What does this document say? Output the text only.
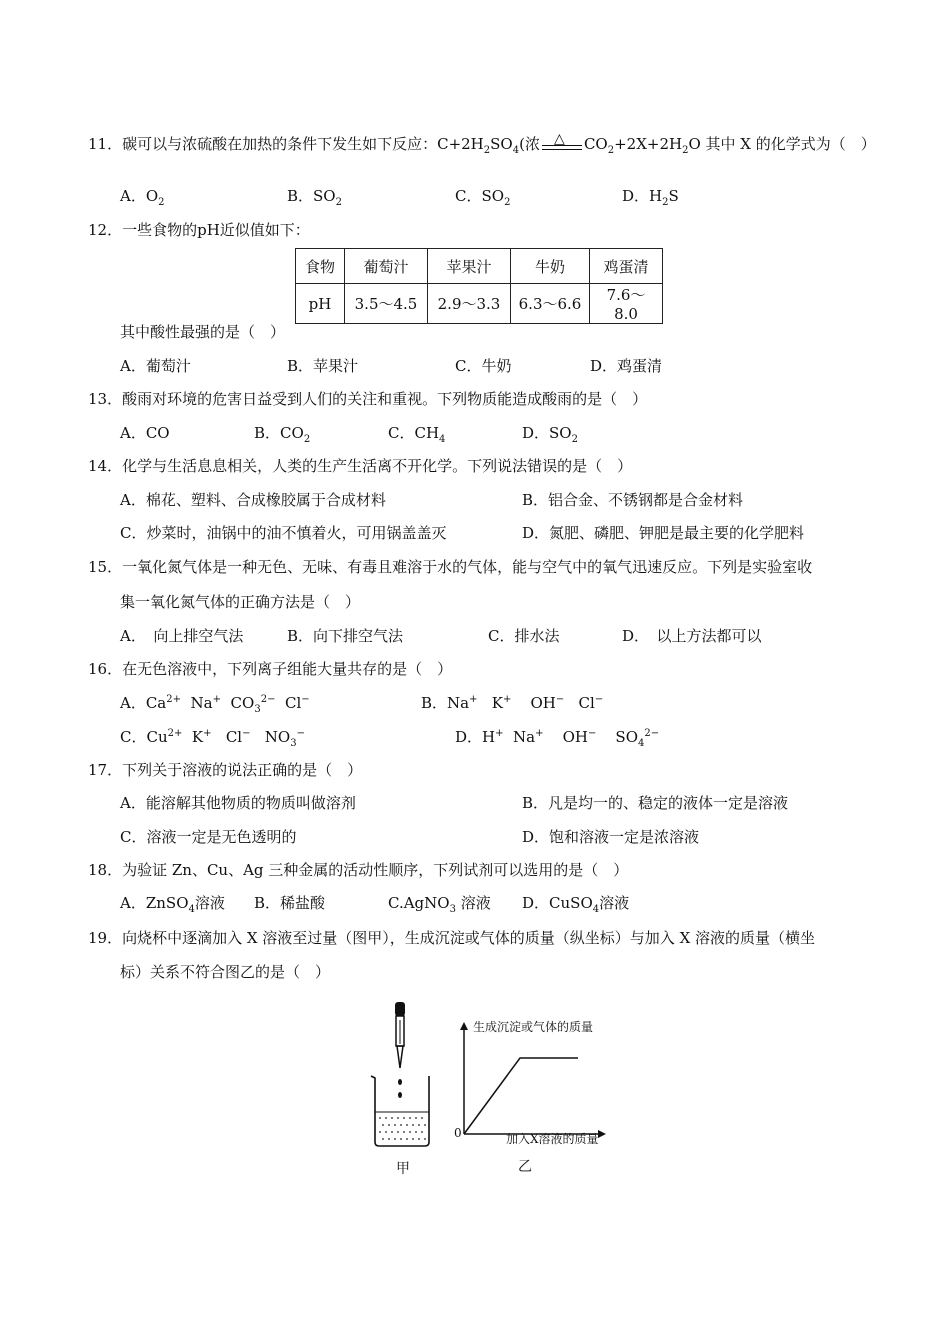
11．碳可以与浓硫酸在加热的条件下发生如下反应：$C+2H_2SO_4$(浓 △ $CO_2+2X+2H_2O$ 其中 X 的化学式为（　）
A．$O_2$	B．$SO_2$	C．$SO_2$	D．$H_2S$
12．一些食物的pH近似值如下：
食物	葡萄汁	苹果汁	牛奶	鸡蛋清
pH	3.5～4.5	2.9～3.3	6.3～6.6	7.6～8.0
其中酸性最强的是（　）
A．葡萄汁	B．苹果汁	C．牛奶	D．鸡蛋清
13．酸雨对环境的危害日益受到人们的关注和重视。下列物质能造成酸雨的是（　）
A．CO	B．$CO_2$	C．$CH_4$	D．$SO_2$
14．化学与生活息息相关，人类的生产生活离不开化学。下列说法错误的是（　）
A．棉花、塑料、合成橡胶属于合成材料	B．铝合金、不锈钢都是合金材料
C．炒菜时，油锅中的油不慎着火，可用锅盖盖灭	D．氮肥、磷肥、钾肥是最主要的化学肥料
15．一氧化氮气体是一种无色、无味、有毒且难溶于水的气体，能与空气中的氧气迅速反应。下列是实验室收
集一氧化氮气体的正确方法是（　）
A．　向上排空气法	B．向下排空气法	C．排水法	D．　以上方法都可以
16．在无色溶液中，下列离子组能大量共存的是（　）
A．$Ca^{2+}$  Na+  $CO_3^{2-}$  Cl−	B．Na+   K+    OH−   Cl−
C．$Cu^{2+}$  K+   Cl−   $NO_3^-$	D．H+  Na+    OH−    $SO_4^{2-}$
17．下列关于溶液的说法正确的是（　）
A．能溶解其他物质的物质叫做溶剂	B．凡是均一的、稳定的液体一定是溶液
C．溶液一定是无色透明的	D．饱和溶液一定是浓溶液
18．为验证 Zn、Cu、Ag 三种金属的活动性顺序，下列试剂可以选用的是（　）
A．ZnSO$_4$溶液 B．稀盐酸	C.AgNO$_3$ 溶液 D．CuSO$_4$溶液
19．向烧杯中逐滴加入 X 溶液至过量（图甲），生成沉淀或气体的质量（纵坐标）与加入 X 溶液的质量（横坐
标）关系不符合图乙的是（　）
甲
生成沉淀或气体的质量
加入X溶液的质量
0
乙
